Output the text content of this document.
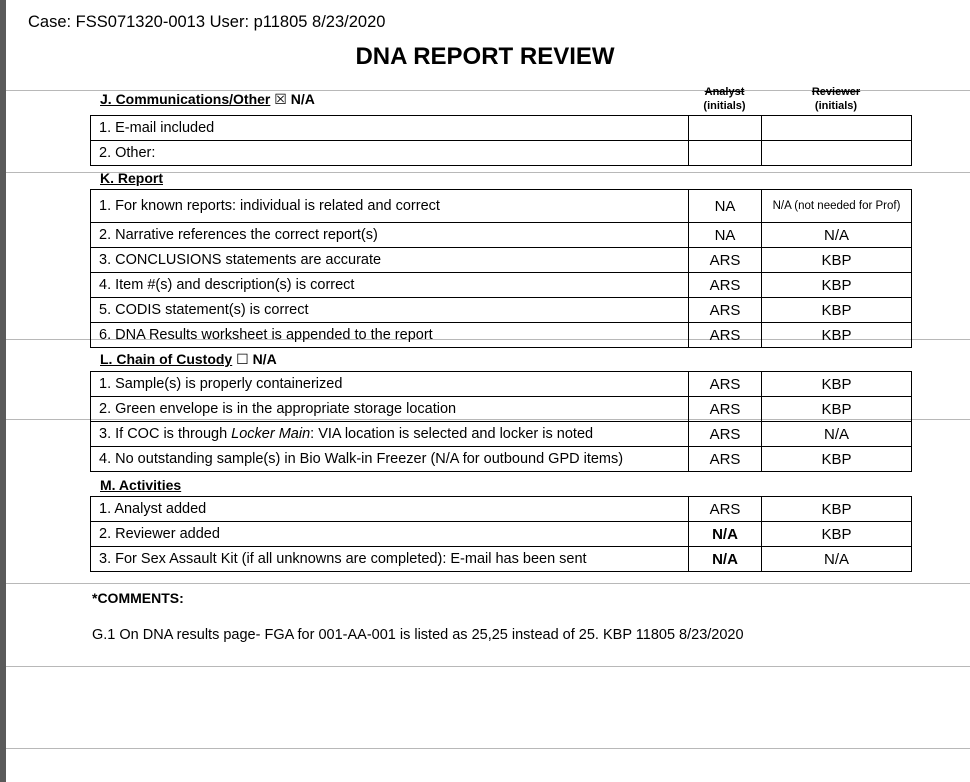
Case: FSS071320-0013 User: p11805 8/23/2020
DNA REPORT REVIEW
Analyst
(initials)
Reviewer
(initials)
J. Communications/Other ☒ N/A
1. E-mail included		
2. Other:		
K. Report
1. For known reports: individual is related and correct	NA	N/A (not needed for Prof)
2. Narrative references the correct report(s)	NA	N/A
3. CONCLUSIONS statements are accurate	ARS	KBP
4. Item #(s) and description(s) is correct	ARS	KBP
5. CODIS statement(s) is correct	ARS	KBP
6. DNA Results worksheet is appended to the report	ARS	KBP
L. Chain of Custody ☐ N/A
1. Sample(s) is properly containerized	ARS	KBP
2. Green envelope is in the appropriate storage location	ARS	KBP
3. If COC is through Locker Main: VIA location is selected and locker is noted	ARS	N/A
4. No outstanding sample(s) in Bio Walk-in Freezer (N/A for outbound GPD items)	ARS	KBP
M. Activities
1. Analyst added	ARS	KBP
2. Reviewer added	N/A	KBP
3. For Sex Assault Kit (if all unknowns are completed): E-mail has been sent	N/A	N/A
*COMMENTS:
G.1 On DNA results page- FGA for 001-AA-001 is listed as 25,25 instead of 25. KBP 11805 8/23/2020
